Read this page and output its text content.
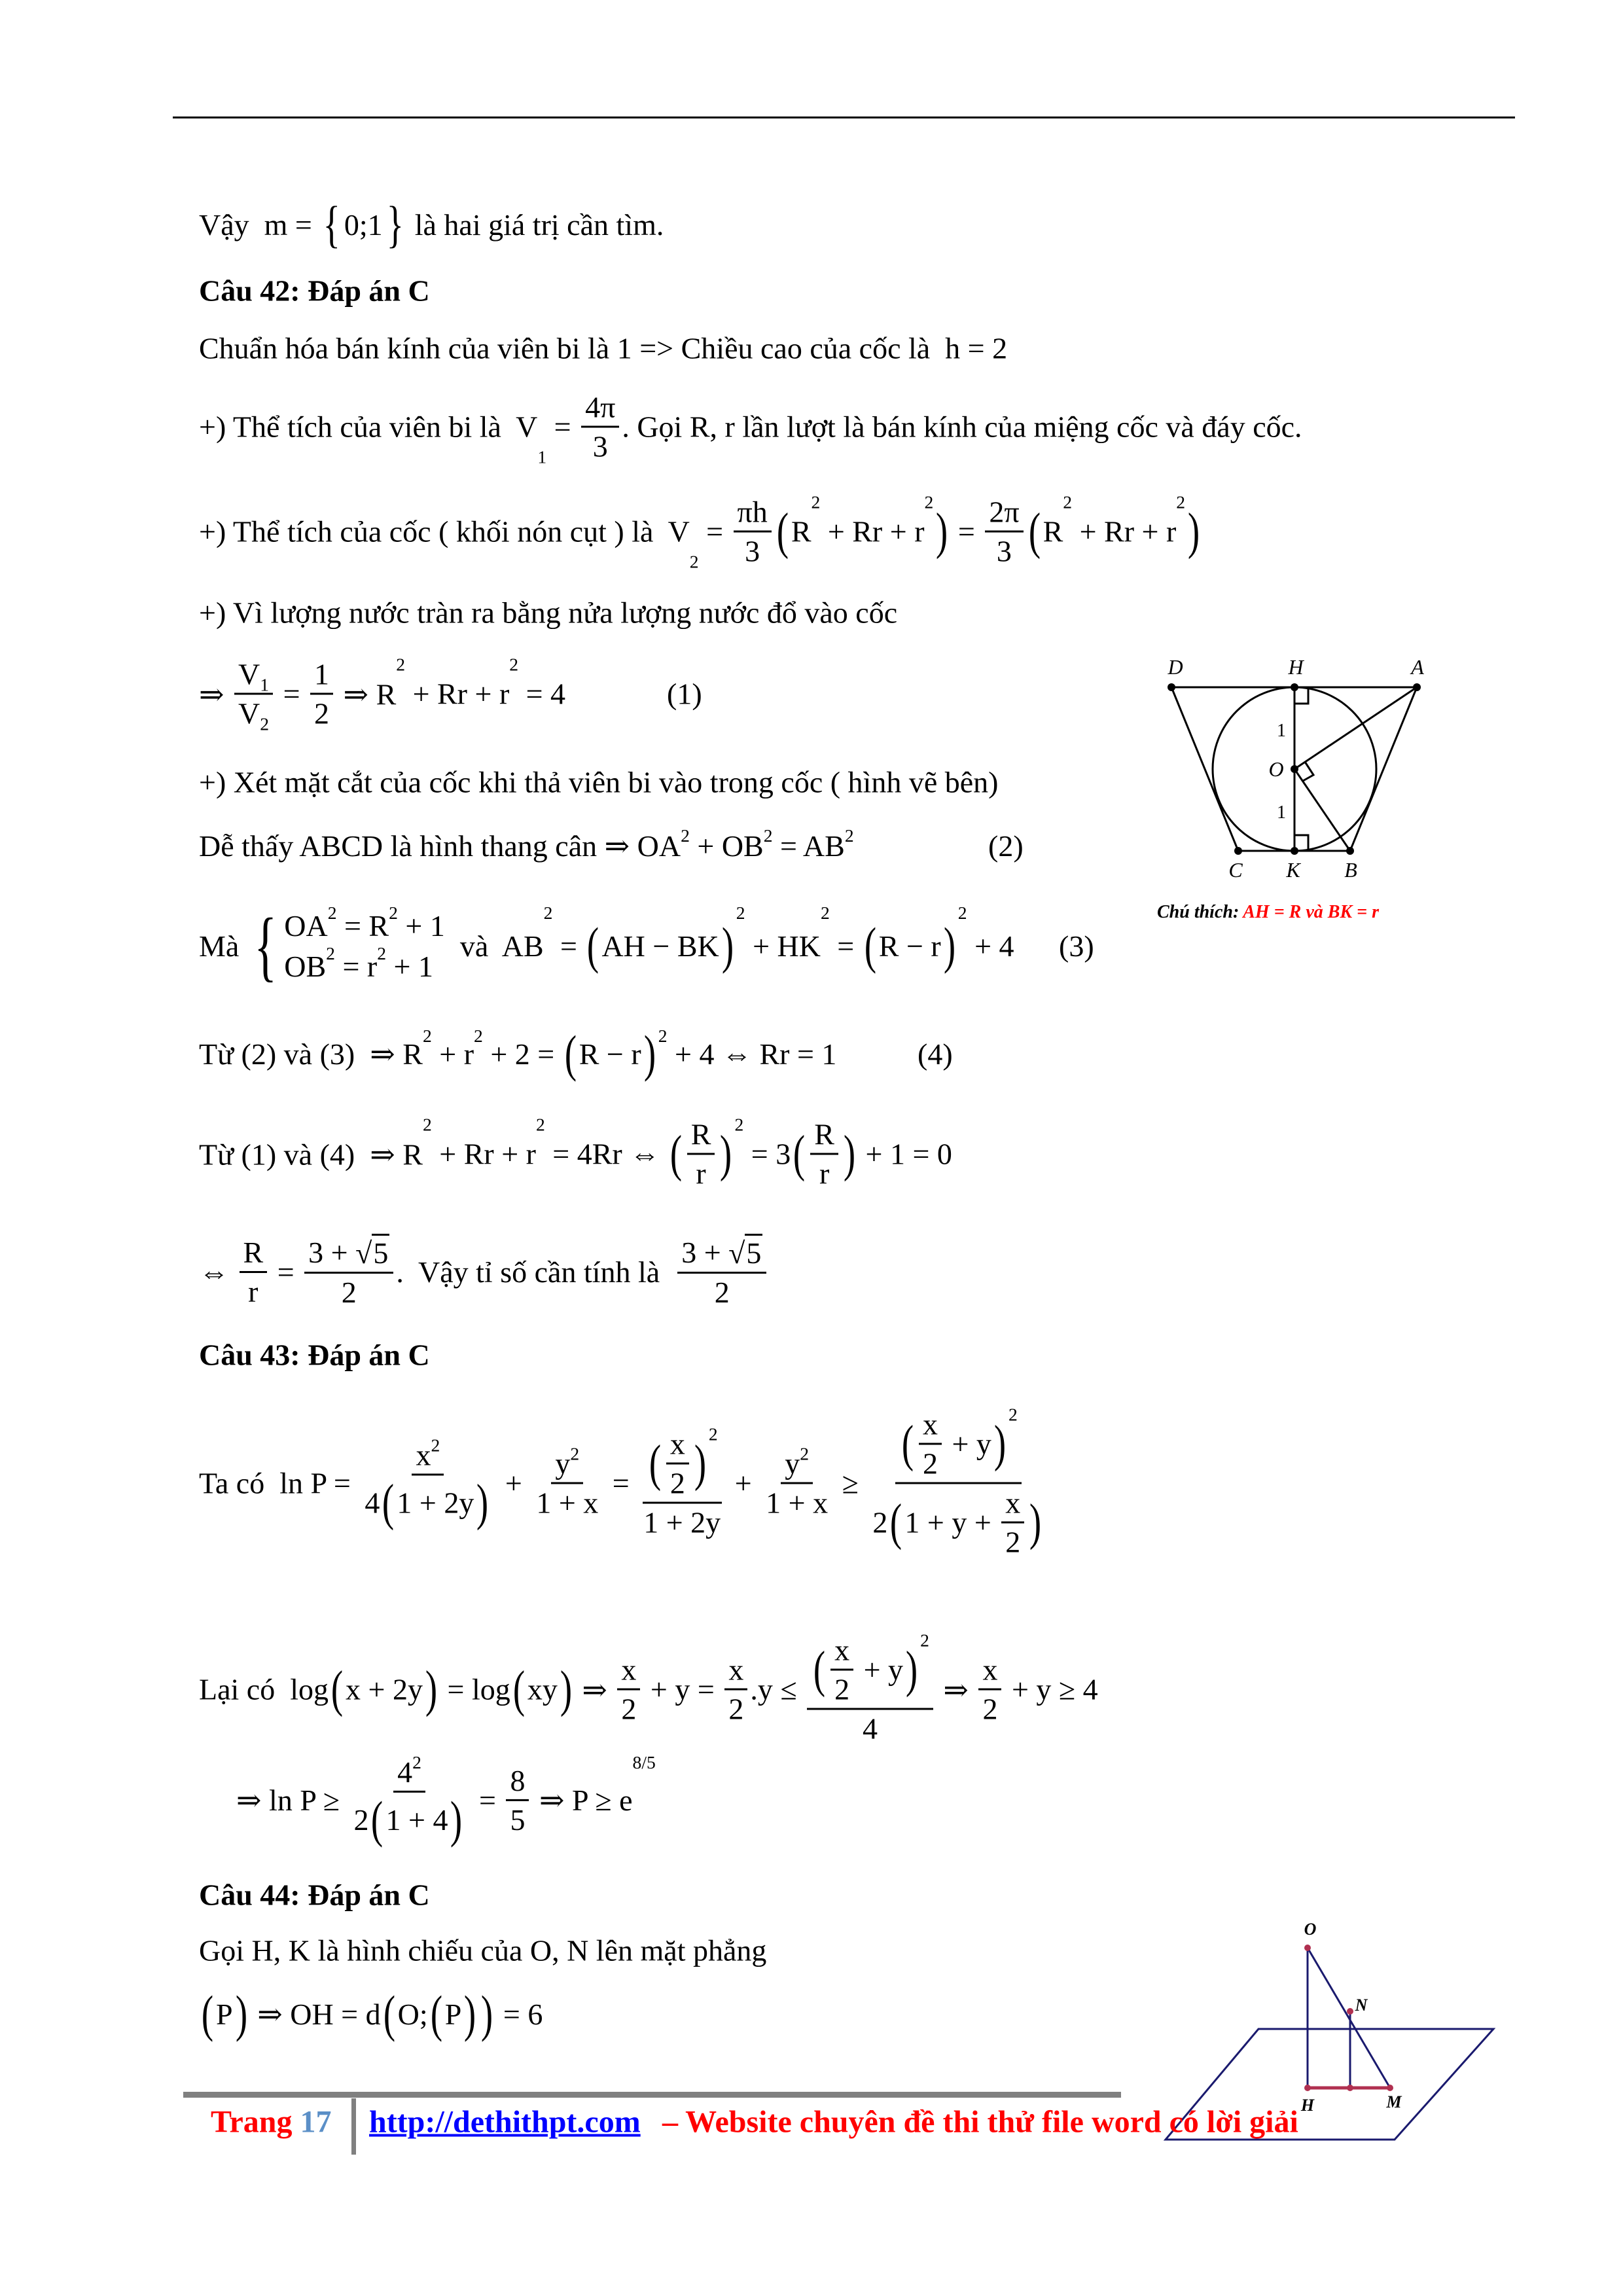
Vậy  m = { 0;1 } là hai giá trị cần tìm.
Câu 42: Đáp án C
Chuẩn hóa bán kính của viên bi là 1 => Chiều cao của cốc là  h = 2
+) Thể tích của viên bi là  V
1
= $\frac{4\pi}{3}$ . Gọi R, r lần lượt là bán kính của miệng cốc và đáy cốc.
+) Thể tích của cốc ( khối nón cụt ) là  V
2
= $\frac{\pi h}{3}$ ( R
2
+ Rr + r
2
) = $\frac{2\pi}{3}$ ( R
2
+ Rr + r
2
)
+) Vì lượng nước tràn ra bằng nửa lượng nước đổ vào cốc
⇒ $\frac{V 1}{V 2} = \frac{1}{2}$ ⇒ R
2
+ Rr + r
2
= 4	(1)
+) Xét mặt cắt của cốc khi thả viên bi vào trong cốc ( hình vẽ bên)
Dễ thấy ABCD là hình thang cân ⇒ OA 2 + OB 2 = AB 2	(2)
Mà { OA 2 = R 2 + 1
OB 2 = r 2 + 1
và  AB
2
= ( AH − BK )
2
+ HK
2
= ( R − r )
2
+ 4 (3)
Từ (2) và (3)  ⇒ R
2
+ r
2
+ 2 = ( R − r ) 2
+ 4 ⇔ Rr = 1	(4)
Từ (1) và (4)  ⇒ R
2
+ Rr + r
2
= 4Rr ⇔ ( $\frac{R}{r}$ )
2
= 3 ( $\frac{R}{r}$ ) + 1 = 0
⇔ $\frac{R}{r} = \frac{3 + √ 5}{2}$ .  Vậy tỉ số cần tính là $\frac{3 + √ 5}{2}$
Câu 43: Đáp án C
Ta có  $\ln P = \frac{x 2}{4 ( 1 + 2y )} + \frac{y 2}{1 + x}$ = ( $\frac{x}{2}$ )
2
$1 + 2y + \frac{y 2}{1 + x}$ ≥ ( $\frac{x}{2} + y$ )
2
2 ( $1 + y + \frac{x}{2}$ )
Lại có  log ( x + 2y ) = log ( xy ) ⇒ $\frac{x}{2} + y = \frac{x}{2} .y$ ≤ ( $\frac{x}{2} + y$ )
2
4 ⇒ $\frac{x}{2} + y \ge 4$
⇒ $\ln P \ge \frac{4 2}{2 ( 1 + 4 )} = \frac{8}{5}$ ⇒ P ≥ e
8/5
Câu 44: Đáp án C
Gọi H, K là hình chiếu của O, N lên mặt phẳng
( P ) ⇒ OH = d ( O; ( P ) ) = 6
D	H	A
1
O
1
C K B
Chú thích: AH = R và BK = r
O
N
H	M
Trang 17 http://dethithpt.com – Website chuyên đề thi thử file word có lời giải
